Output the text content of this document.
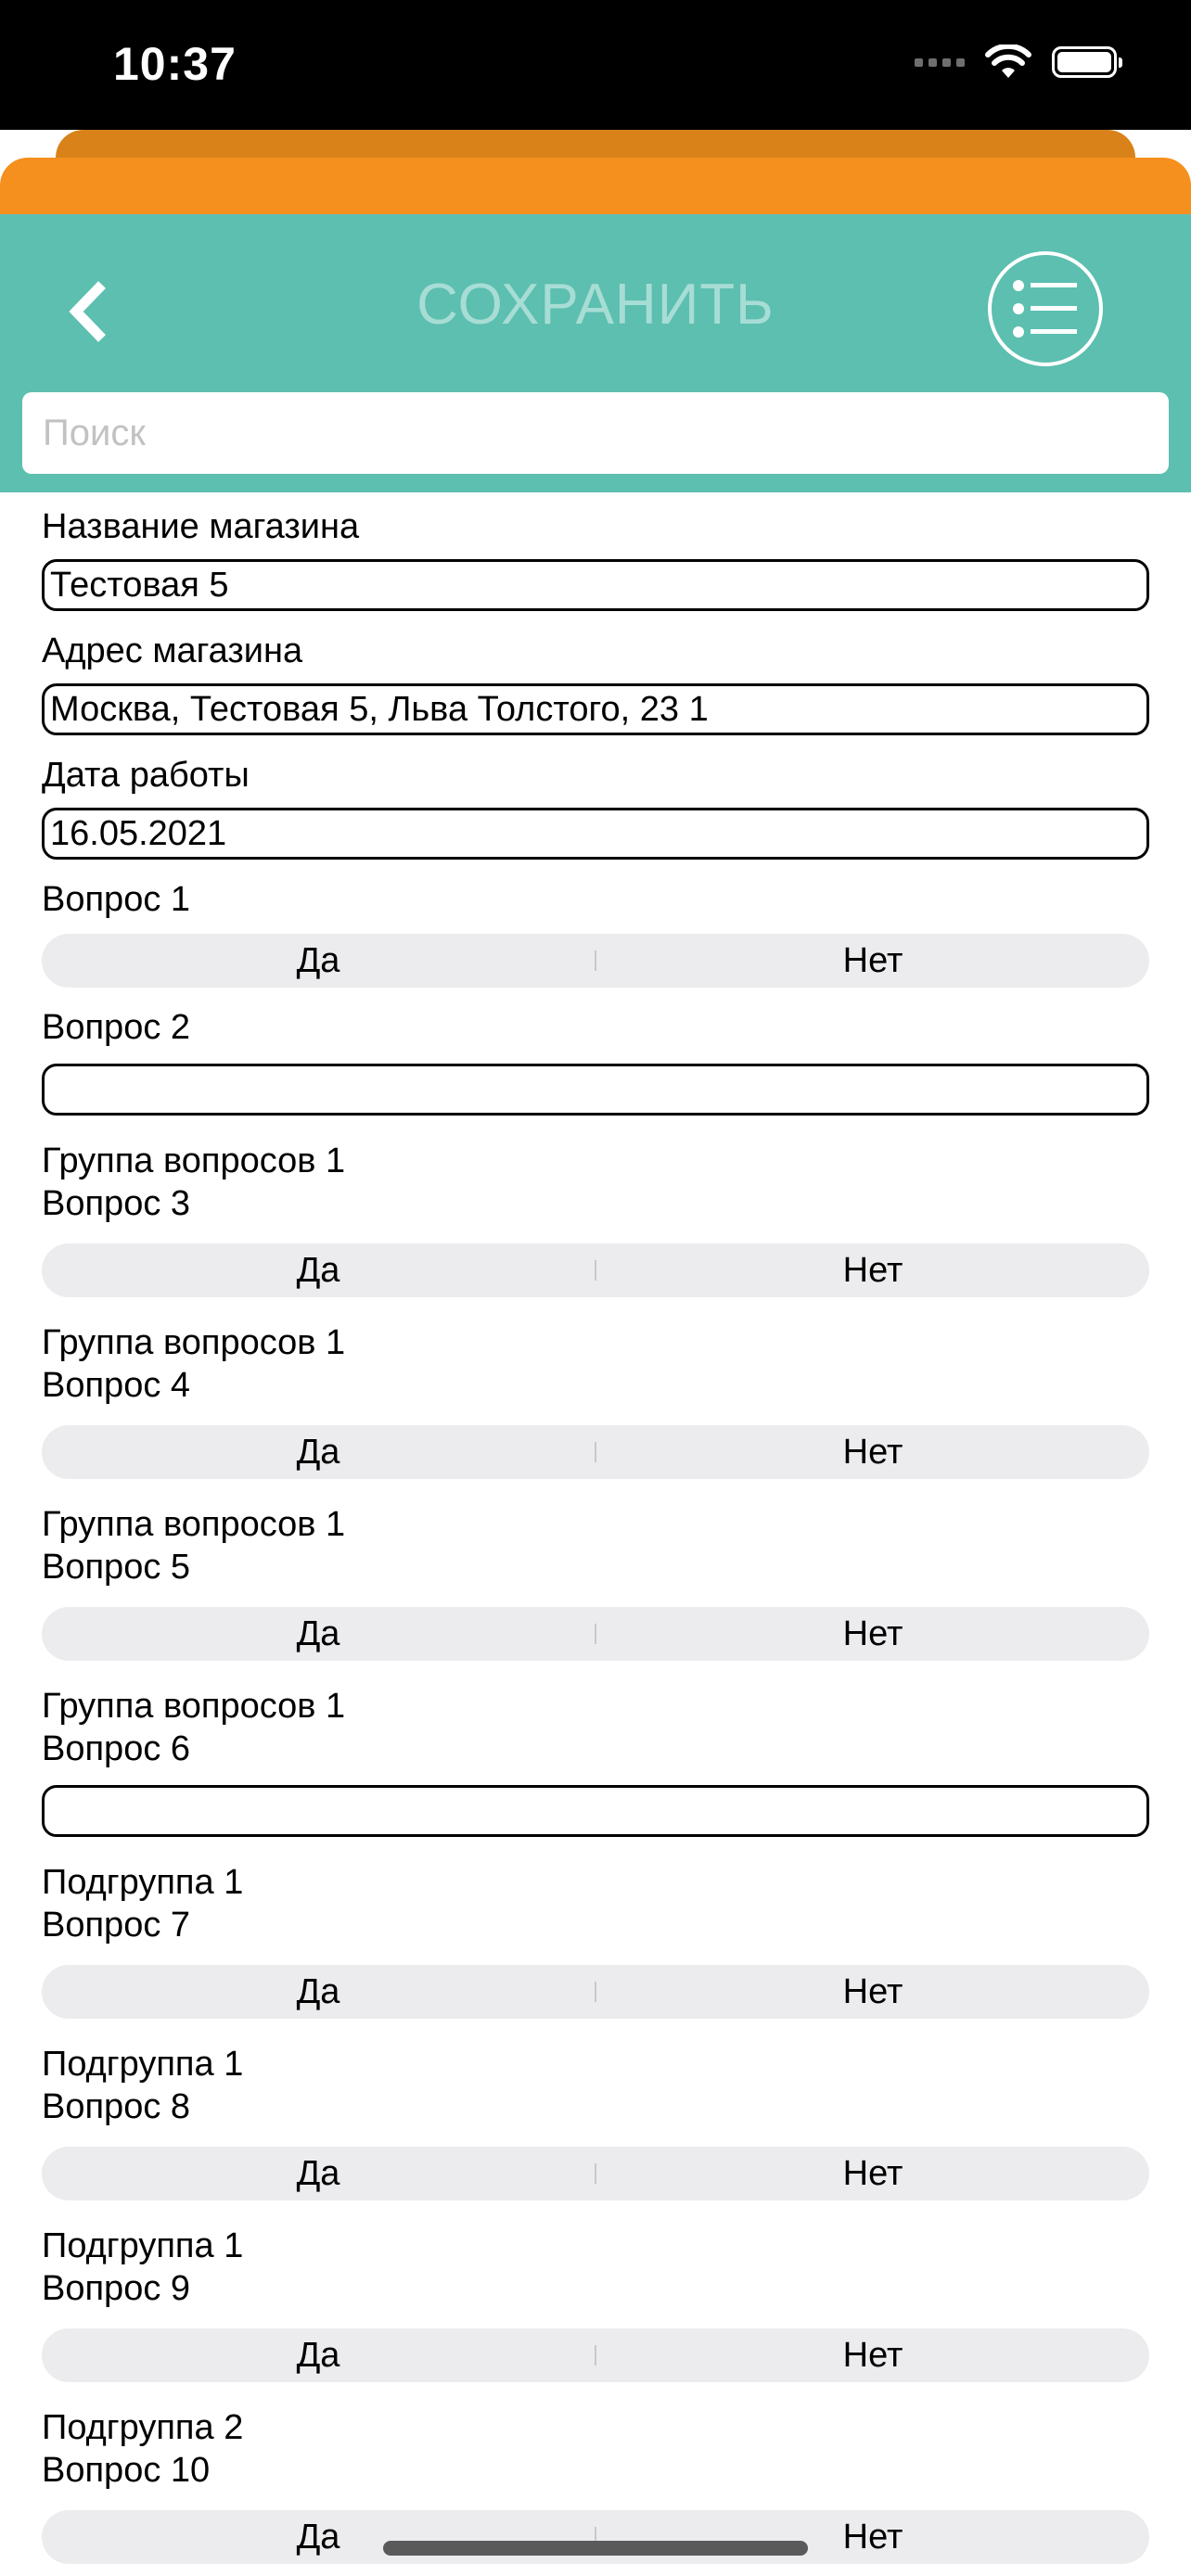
10:37
СОХРАНИТЬ
Поиск
Название магазина
Тестовая 5
Адрес магазина
Москва, Тестовая 5, Льва Толстого, 23 1
Дата работы
16.05.2021
Вопрос 1
Да	Нет
Вопрос 2
Группа вопросов 1
Вопрос 3
Да	Нет
Группа вопросов 1
Вопрос 4
Да	Нет
Группа вопросов 1
Вопрос 5
Да	Нет
Группа вопросов 1
Вопрос 6
Подгруппа 1
Вопрос 7
Да	Нет
Подгруппа 1
Вопрос 8
Да	Нет
Подгруппа 1
Вопрос 9
Да	Нет
Подгруппа 2
Вопрос 10
Да	Нет
